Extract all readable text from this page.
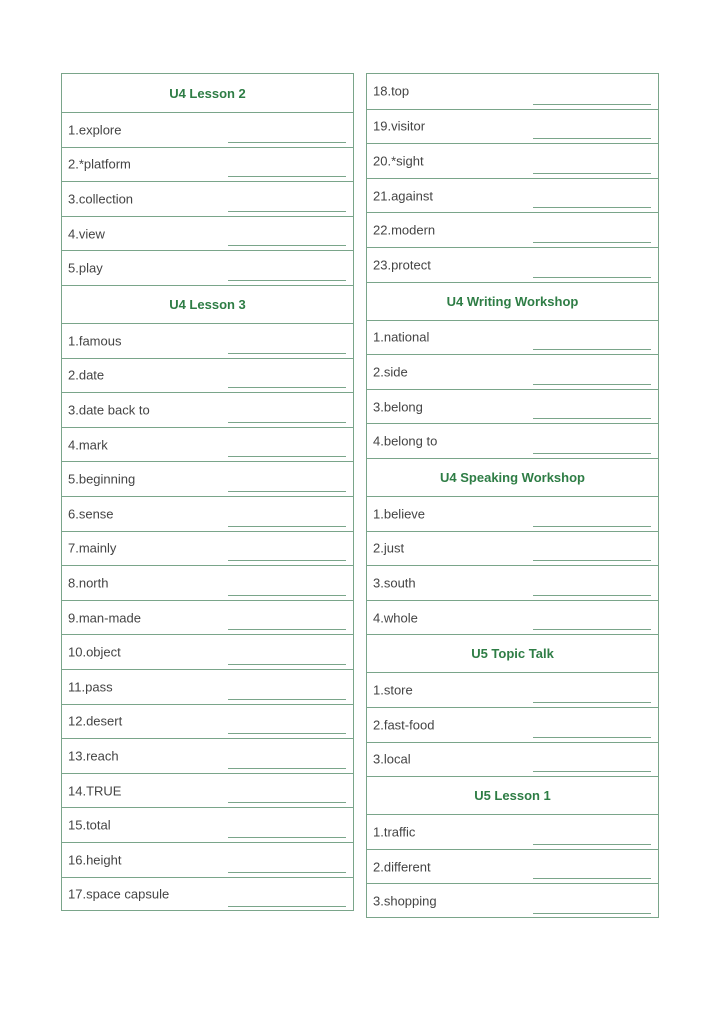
U4 Lesson 2
1.explore
2.*platform
3.collection
4.view
5.play
U4 Lesson 3
1.famous
2.date
3.date back to
4.mark
5.beginning
6.sense
7.mainly
8.north
9.man-made
10.object
11.pass
12.desert
13.reach
14.TRUE
15.total
16.height
17.space capsule
18.top
19.visitor
20.*sight
21.against
22.modern
23.protect
U4 Writing Workshop
1.national
2.side
3.belong
4.belong to
U4 Speaking Workshop
1.believe
2.just
3.south
4.whole
U5 Topic Talk
1.store
2.fast-food
3.local
U5 Lesson 1
1.traffic
2.different
3.shopping
